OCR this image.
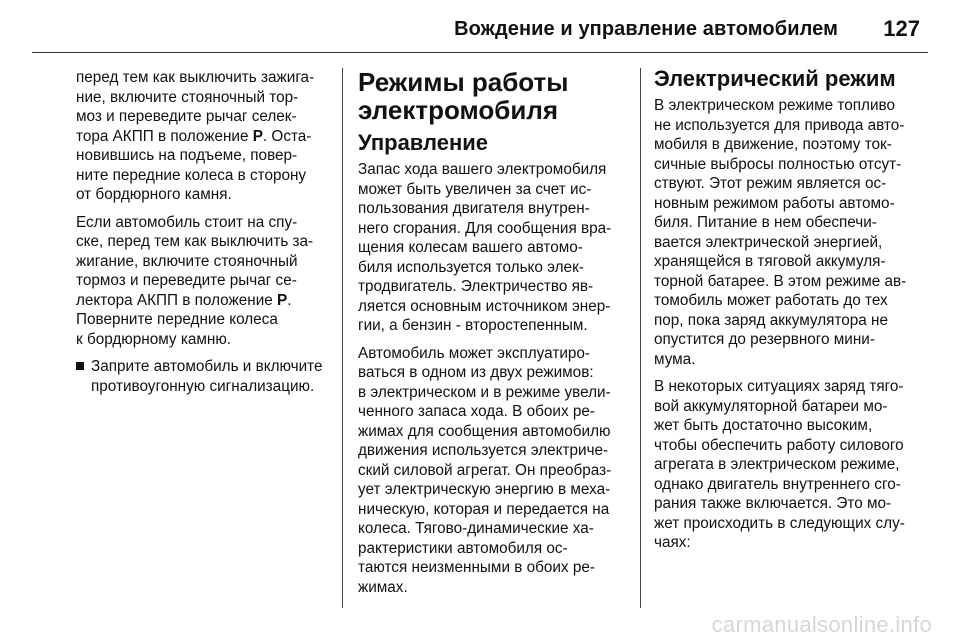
Вождение и управление автомобилем 127

перед тем как выключить зажига-
ние, включите стояночный тор-
моз и переведите рычаг селек-
тора АКПП в положение P. Оста-
новившись на подъеме, повер-
ните передние колеса в сторону
от бордюрного камня.

Если автомобиль стоит на спу-
ске, перед тем как выключить за-
жигание, включите стояночный
тормоз и переведите рычаг се-
лектора АКПП в положение P.
Поверните передние колеса
к бордюрному камню.

Заприте автомобиль и включите
противоугонную сигнализацию.

Режимы работы
электромобиля
Управление

Запас хода вашего электромобиля
может быть увеличен за счет ис-
пользования двигателя внутрен-
него сгорания. Для сообщения вра-
щения колесам вашего автомо-
биля используется только элек-
тродвигатель. Электричество яв-
ляется основным источником энер-
гии, а бензин - второстепенным.

Автомобиль может эксплуатиро-
ваться в одном из двух режимов:
в электрическом и в режиме увели-
ченного запаса хода. В обоих ре-
жимах для сообщения автомобилю
движения используется электриче-
ский силовой агрегат. Он преобраз-
ует электрическую энергию в меха-
ническую, которая и передается на
колеса. Тягово-динамические ха-
рактеристики автомобиля ос-
таются неизменными в обоих ре-
жимах.

Электрический режим

В электрическом режиме топливо
не используется для привода авто-
мобиля в движение, поэтому ток-
сичные выбросы полностью отсут-
ствуют. Этот режим является ос-
новным режимом работы автомо-
биля. Питание в нем обеспечи-
вается электрической энергией,
хранящейся в тяговой аккумуля-
торной батарее. В этом режиме ав-
томобиль может работать до тех
пор, пока заряд аккумулятора не
опустится до резервного мини-
мума.

В некоторых ситуациях заряд тяго-
вой аккумуляторной батареи мо-
жет быть достаточно высоким,
чтобы обеспечить работу силового
агрегата в электрическом режиме,
однако двигатель внутреннего сго-
рания также включается. Это мо-
жет происходить в следующих слу-
чаях:

carmanualsonline.info
